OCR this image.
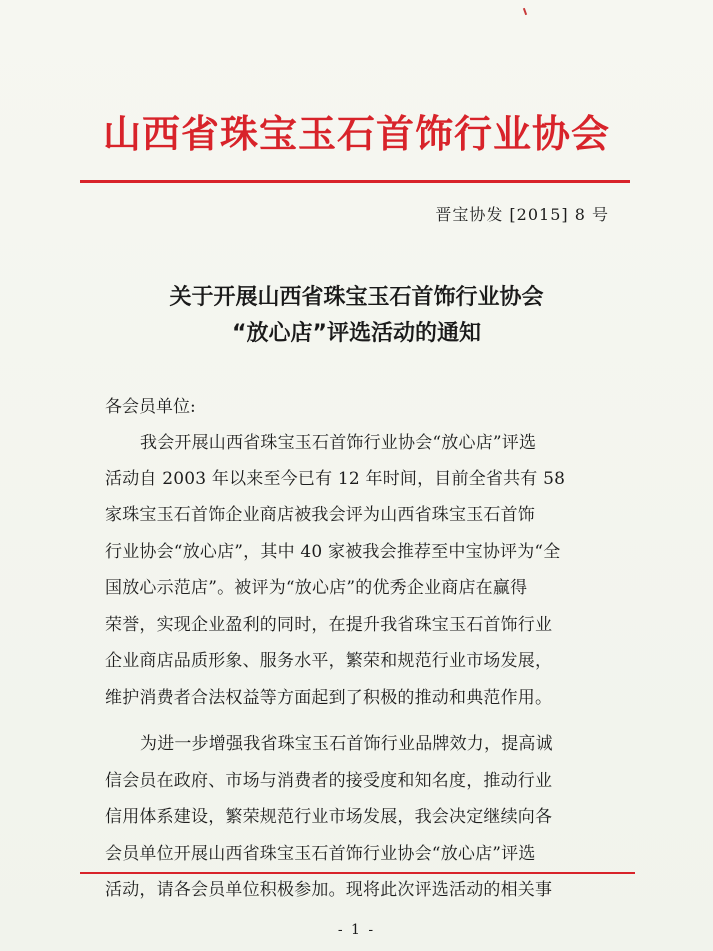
山西省珠宝玉石首饰行业协会
晋宝协发 [2015] 8 号
关于开展山西省珠宝玉石首饰行业协会
“放心店”评选活动的通知
各会员单位:
我会开展山西省珠宝玉石首饰行业协会“放心店”评选
活动自 2003 年以来至今已有 12 年时间，目前全省共有 58
家珠宝玉石首饰企业商店被我会评为山西省珠宝玉石首饰
行业协会“放心店”，其中 40 家被我会推荐至中宝协评为“全
国放心示范店”。被评为“放心店”的优秀企业商店在赢得
荣誉，实现企业盈利的同时，在提升我省珠宝玉石首饰行业
企业商店品质形象、服务水平，繁荣和规范行业市场发展，
维护消费者合法权益等方面起到了积极的推动和典范作用。
为进一步增强我省珠宝玉石首饰行业品牌效力，提高诚
信会员在政府、市场与消费者的接受度和知名度，推动行业
信用体系建设，繁荣规范行业市场发展，我会决定继续向各
会员单位开展山西省珠宝玉石首饰行业协会“放心店”评选
活动，请各会员单位积极参加。现将此次评选活动的相关事
- 1 -
